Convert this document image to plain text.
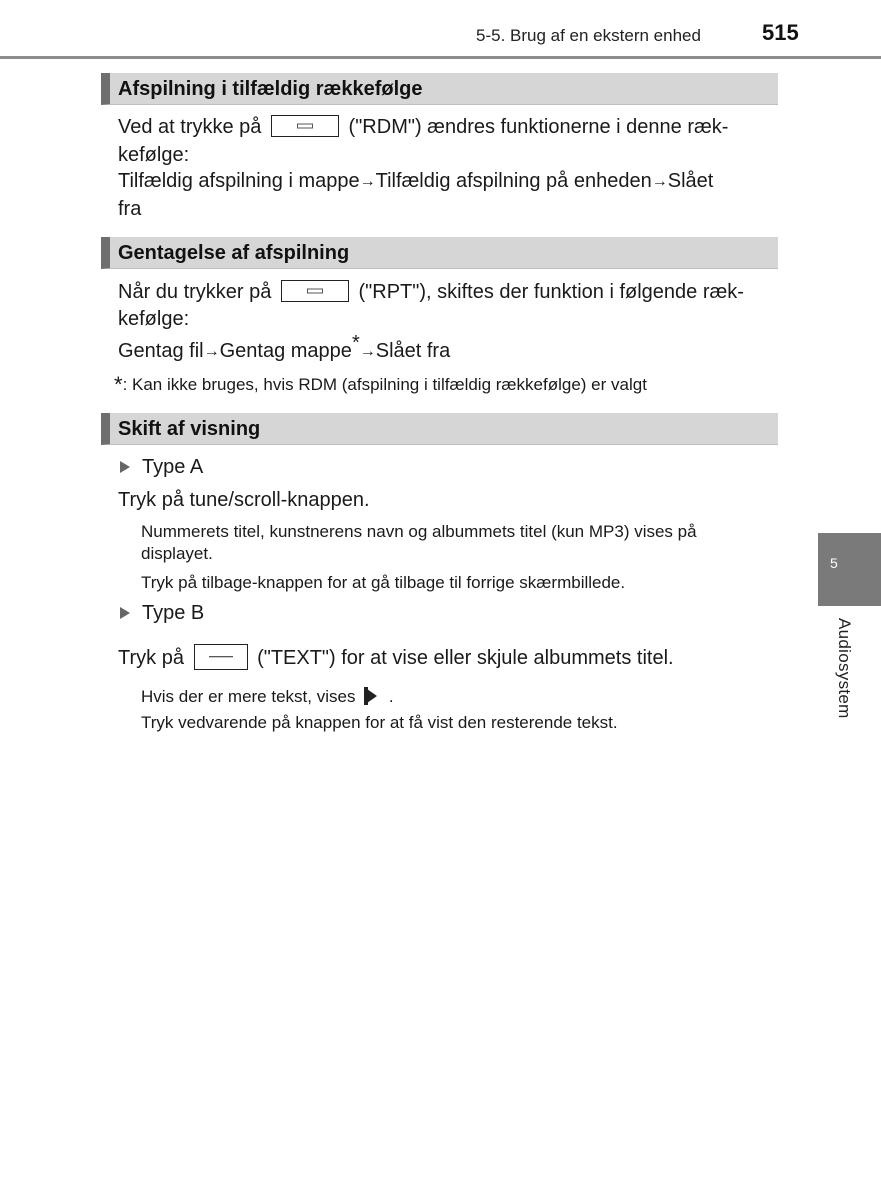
5-5. Brug af en ekstern enhed	515
Afspilning i tilfældig rækkefølge
Ved at trykke på	("RDM") ændres funktionerne i denne ræk-
kefølge:
Tilfældig afspilning i mappe→Tilfældig afspilning på enheden→Slået
fra
Gentagelse af afspilning
Når du trykker på	("RPT"), skiftes der funktion i følgende ræk-
kefølge:
Gentag fil→Gentag mappe*→Slået fra
*: Kan ikke bruges, hvis RDM (afspilning i tilfældig rækkefølge) er valgt
Skift af visning
Type A
Tryk på tune/scroll-knappen.
Nummerets titel, kunstnerens navn og albummets titel (kun MP3) vises på
displayet.
Tryk på tilbage-knappen for at gå tilbage til forrige skærmbillede.
Type B
Tryk på	("TEXT") for at vise eller skjule albummets titel.
Hvis der er mere tekst, vises .
Tryk vedvarende på knappen for at få vist den resterende tekst.
5
Audiosystem
